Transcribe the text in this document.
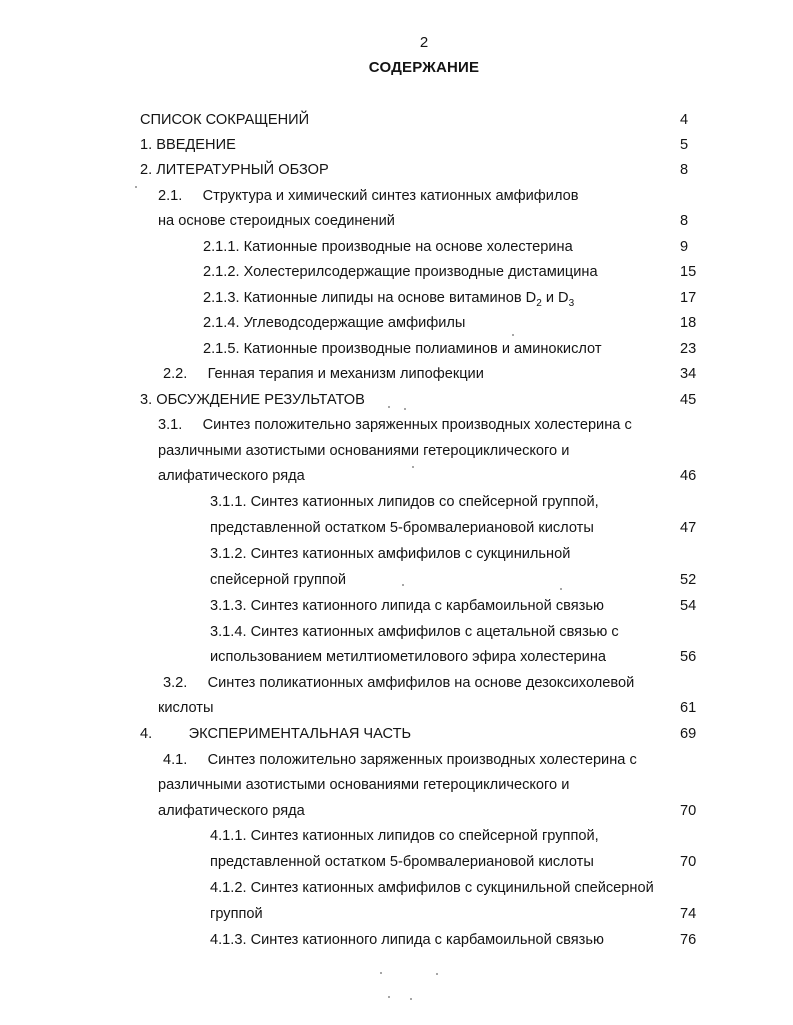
2
СОДЕРЖАНИЕ
СПИСОК СОКРАЩЕНИЙ	4
1. ВВЕДЕНИЕ	5
2. ЛИТЕРАТУРНЫЙ ОБЗОР	8
2.1.     Структура и химический синтез катионных амфифилов
на основе стероидных соединений	8
2.1.1. Катионные производные на основе холестерина	9
2.1.2. Холестерилсодержащие производные дистамицина	15
2.1.3. Катионные липиды на основе витаминов $D_2$ и $D_3$	17
2.1.4. Углеводсодержащие амфифилы	18
2.1.5. Катионные производные полиаминов и аминокислот	23
2.2.     Генная терапия и механизм липофекции	34
3. ОБСУЖДЕНИЕ РЕЗУЛЬТАТОВ	45
3.1.     Синтез положительно заряженных производных холестерина с
различными азотистыми основаниями гетероциклического и
алифатического ряда	46
3.1.1. Синтез катионных липидов со спейсерной группой,
представленной остатком 5-бромвалериановой кислоты	47
3.1.2. Синтез катионных амфифилов с сукцинильной
спейсерной группой	52
3.1.3. Синтез катионного липида с карбамоильной связью	54
3.1.4. Синтез катионных амфифилов с ацетальной связью с
использованием метилтиометилового эфира холестерина	56
3.2.     Синтез поликатионных амфифилов на основе дезоксихолевой
кислоты	61
4.         ЭКСПЕРИМЕНТАЛЬНАЯ ЧАСТЬ	69
4.1.     Синтез положительно заряженных производных холестерина с
различными азотистыми основаниями гетероциклического и
алифатического ряда	70
4.1.1. Синтез катионных липидов со спейсерной группой,
представленной остатком 5-бромвалериановой кислоты	70
4.1.2. Синтез катионных амфифилов с сукцинильной спейсерной
группой	74
4.1.3. Синтез катионного липида с карбамоильной связью	76
